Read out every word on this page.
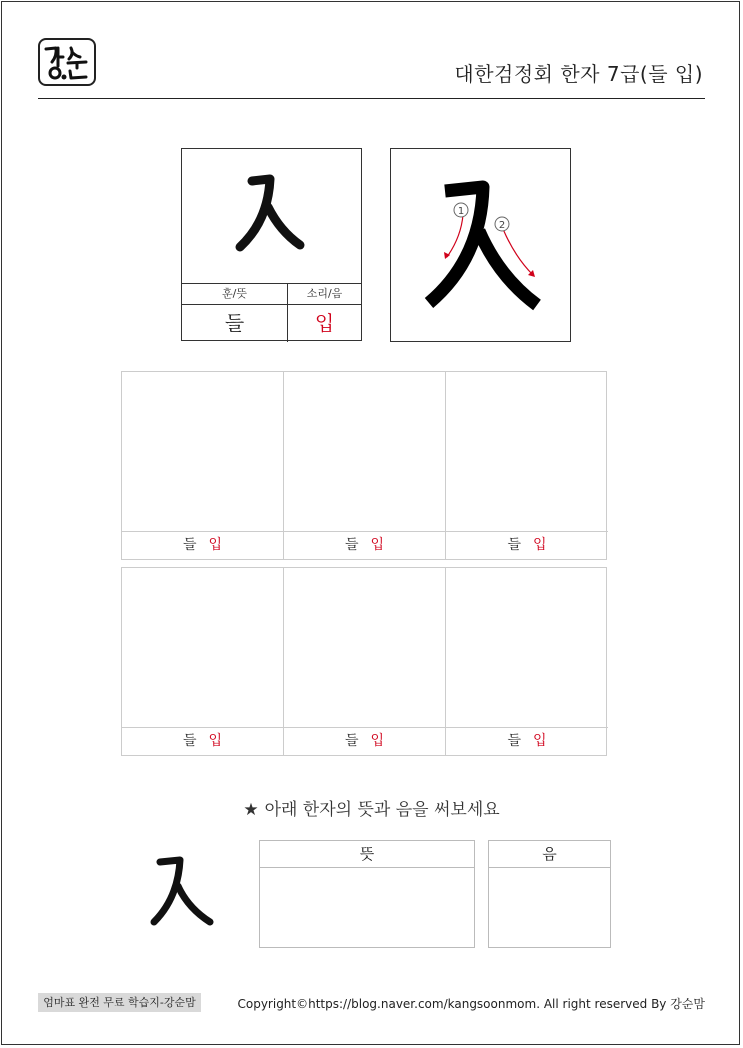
대한검정회 한자 7급(들 입)
훈/뜻	소리/음
들	입
1
2
들 입	들 입	들 입
들 입	들 입	들 입
★ 아래 한자의 뜻과 음을 써보세요
뜻	음
엄마표 완전 무료 학습지-강순맘	Copyright©https://blog.naver.com/kangsoonmom. All right reserved By 강순맘
